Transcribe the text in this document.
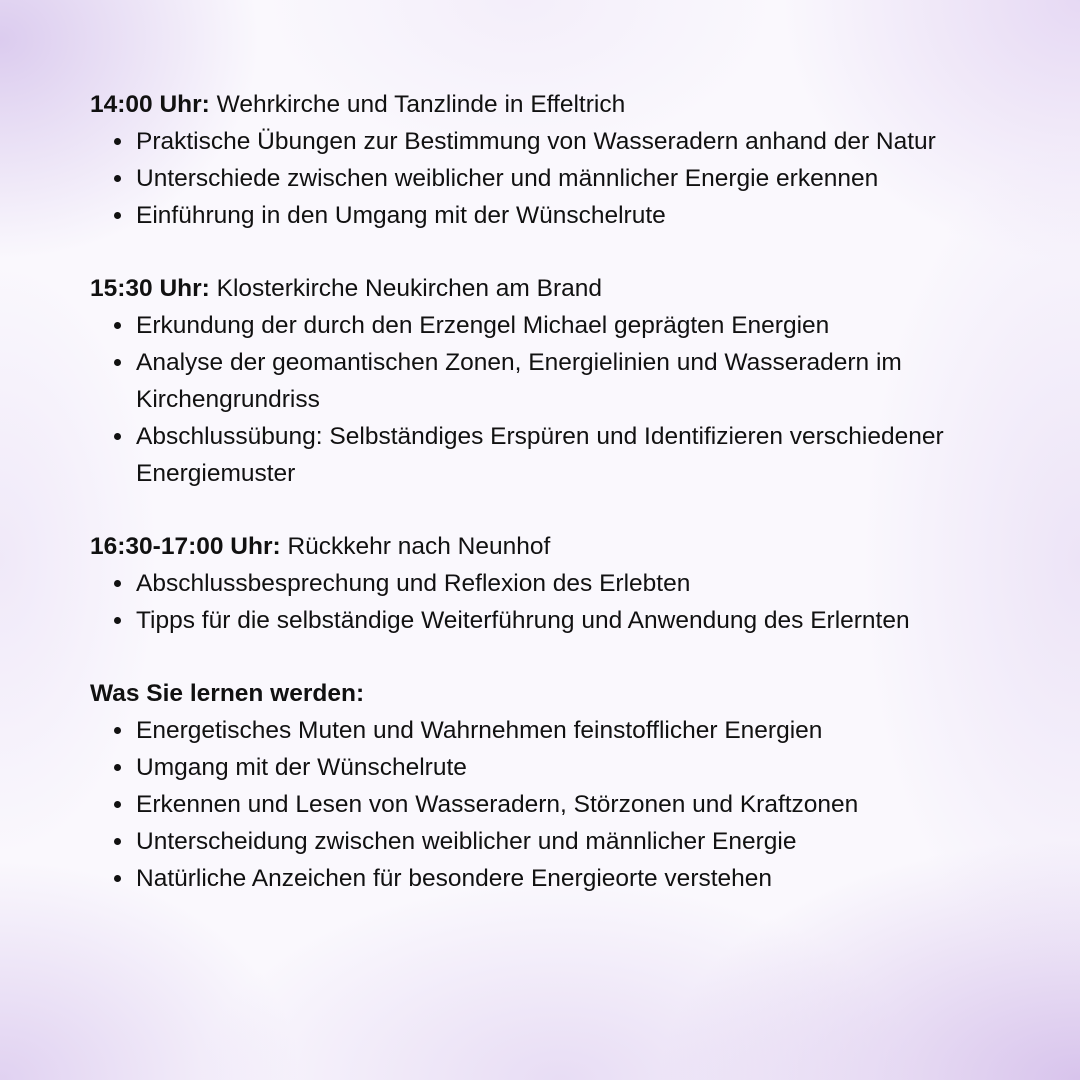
14:00 Uhr: Wehrkirche und Tanzlinde in Effeltrich

Praktische Übungen zur Bestimmung von Wasseradern anhand der Natur
Unterschiede zwischen weiblicher und männlicher Energie erkennen
Einführung in den Umgang mit der Wünschelrute

15:30 Uhr: Klosterkirche Neukirchen am Brand

Erkundung der durch den Erzengel Michael geprägten Energien
Analyse der geomantischen Zonen, Energielinien und Wasseradern im Kirchengrundriss
Abschlussübung: Selbständiges Erspüren und Identifizieren verschiedener Energiemuster

16:30-17:00 Uhr: Rückkehr nach Neunhof

Abschlussbesprechung und Reflexion des Erlebten
Tipps für die selbständige Weiterführung und Anwendung des Erlernten

Was Sie lernen werden:

Energetisches Muten und Wahrnehmen feinstofflicher Energien
Umgang mit der Wünschelrute
Erkennen und Lesen von Wasseradern, Störzonen und Kraftzonen
Unterscheidung zwischen weiblicher und männlicher Energie
Natürliche Anzeichen für besondere Energieorte verstehen
